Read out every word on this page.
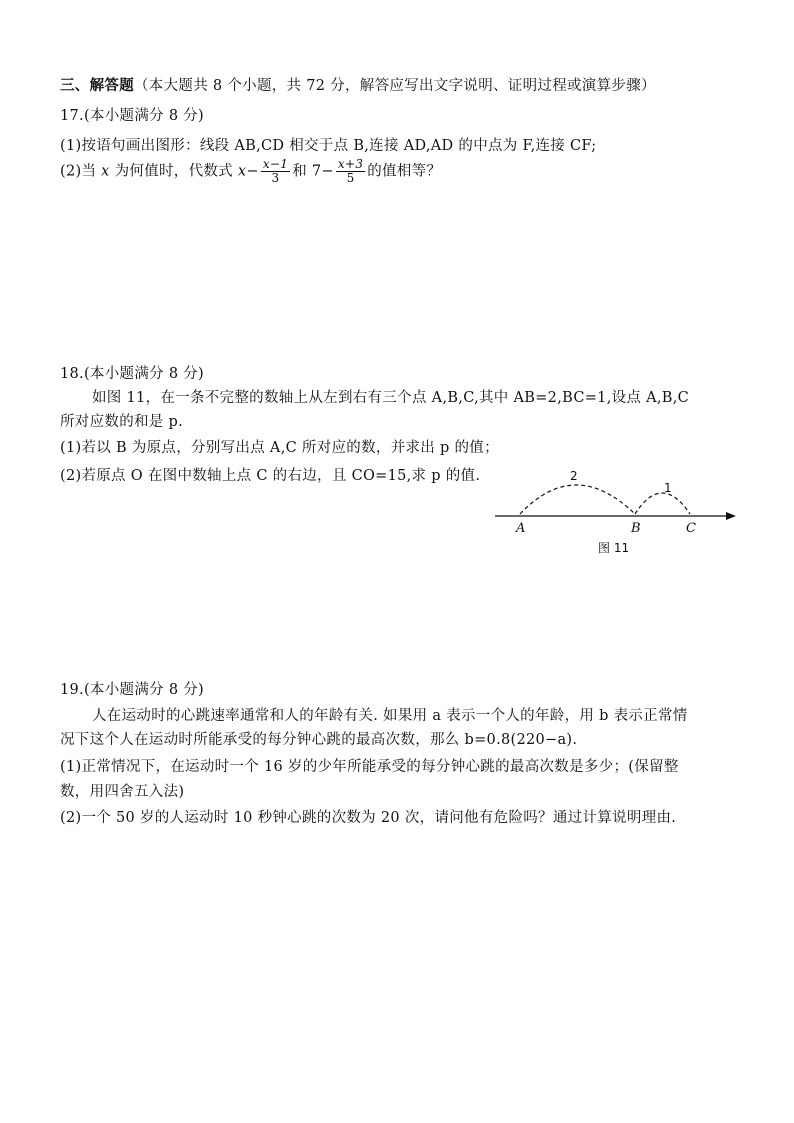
三、解答题（本大题共 8 个小题，共 72 分，解答应写出文字说明、证明过程或演算步骤）
17.(本小题满分 8 分)
(1)按语句画出图形：线段 AB,CD 相交于点 B,连接 AD,AD 的中点为 F,连接 CF;
(2)当 x 为何值时，代数式 $x- \frac{x-1}{3}$ 和 $7- \frac{x+3}{5}$ 的值相等？
18.(本小题满分 8 分)
如图 11，在一条不完整的数轴上从左到右有三个点 A,B,C,其中 AB=2,BC=1,设点 A,B,C
所对应数的和是 p.
(1)若以 B 为原点，分别写出点 A,C 所对应的数，并求出 p 的值；
(2)若原点 O 在图中数轴上点 C 的右边，且 CO=15,求 p 的值.	2
1
A	B	C
图 11
19.(本小题满分 8 分)
人在运动时的心跳速率通常和人的年龄有关. 如果用 a 表示一个人的年龄，用 b 表示正常情
况下这个人在运动时所能承受的每分钟心跳的最高次数，那么 b=0.8(220−a).
(1)正常情况下，在运动时一个 16 岁的少年所能承受的每分钟心跳的最高次数是多少；(保留整
数，用四舍五入法)
(2)一个 50 岁的人运动时 10 秒钟心跳的次数为 20 次，请问他有危险吗？通过计算说明理由.
